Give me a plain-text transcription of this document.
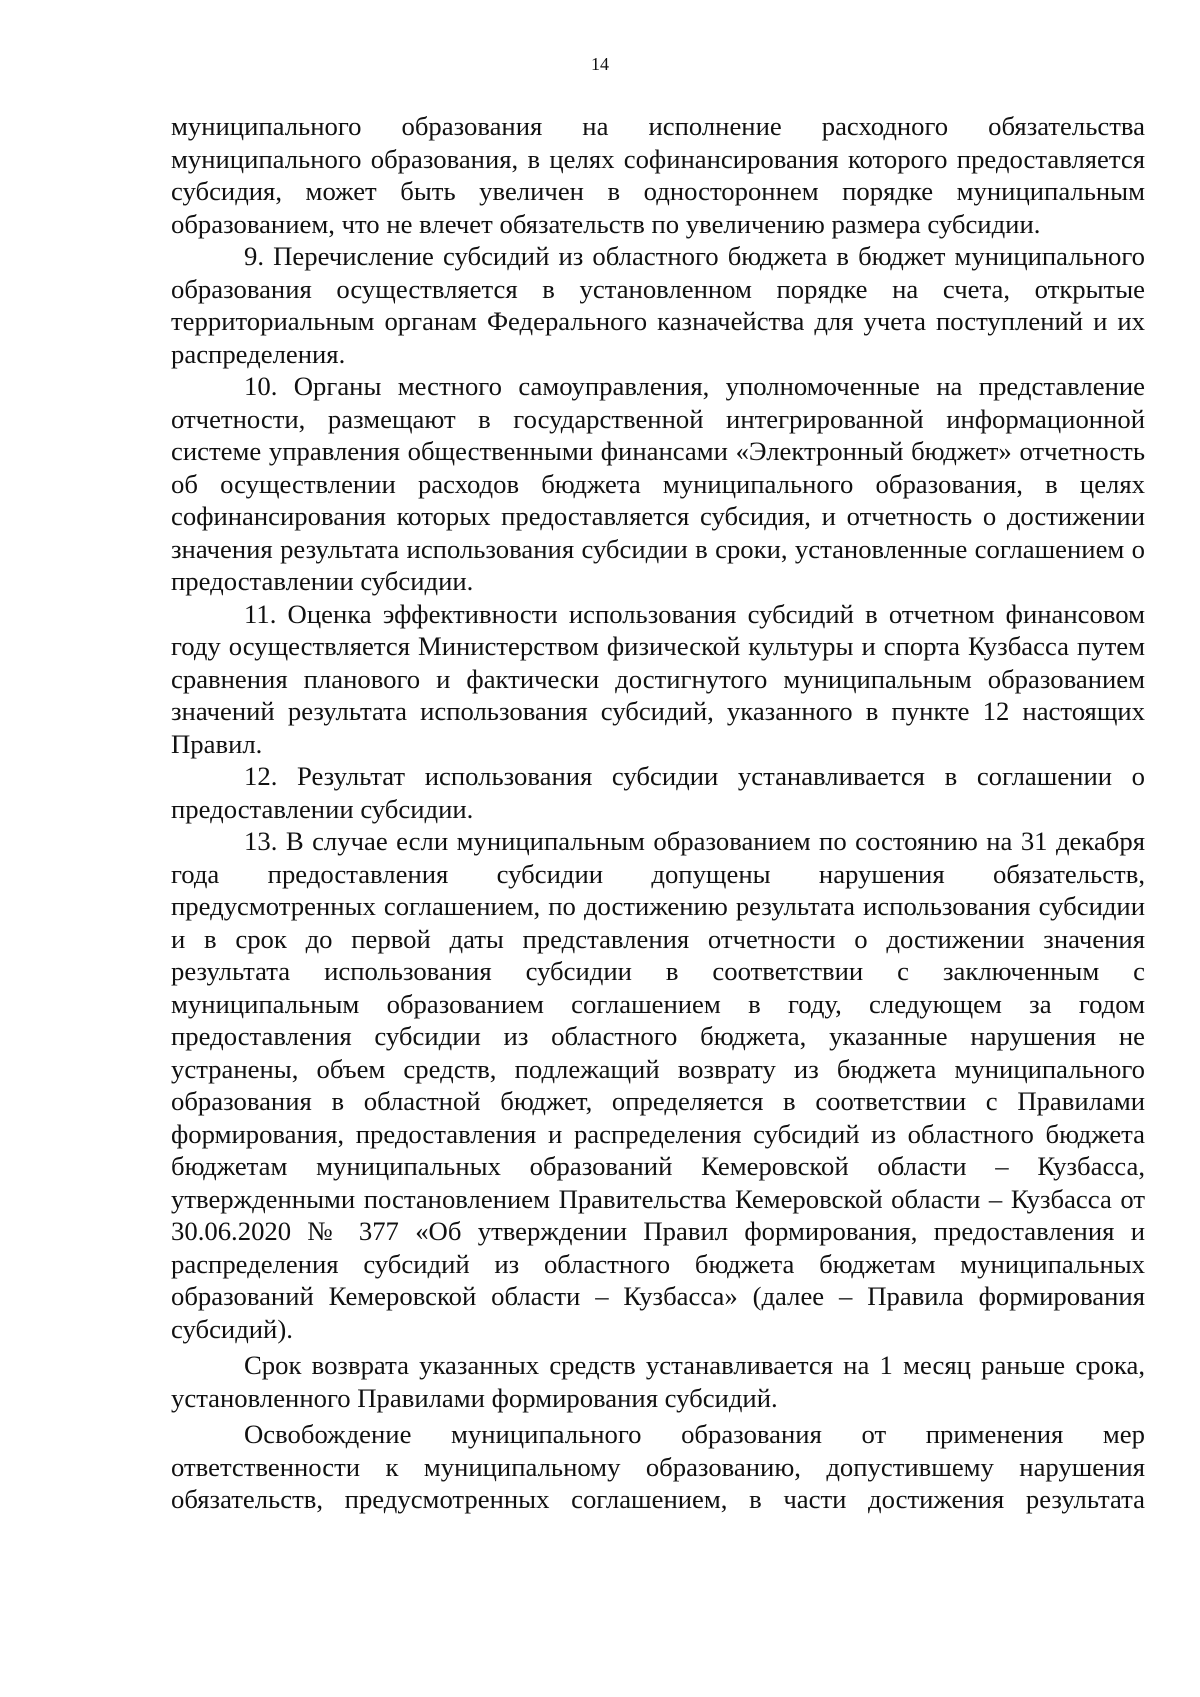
14

муниципального образования на исполнение расходного обязательства муниципального образования, в целях софинансирования которого предоставляется субсидия, может быть увеличен в одностороннем порядке муниципальным образованием, что не влечет обязательств по увеличению размера субсидии.

9. Перечисление субсидий из областного бюджета в бюджет муниципального образования осуществляется в установленном порядке на счета, открытые территориальным органам Федерального казначейства для учета поступлений и их распределения.

10. Органы местного самоуправления, уполномоченные на представление отчетности, размещают в государственной интегрированной информационной системе управления общественными финансами «Электронный бюджет» отчетность об осуществлении расходов бюджета муниципального образования, в целях софинансирования которых предоставляется субсидия, и отчетность о достижении значения результата использования субсидии в сроки, установленные соглашением о предоставлении субсидии.

11. Оценка эффективности использования субсидий в отчетном финансовом году осуществляется Министерством физической культуры и спорта Кузбасса путем сравнения планового и фактически достигнутого муниципальным образованием значений результата использования субсидий, указанного в пункте 12 настоящих Правил.

12. Результат использования субсидии устанавливается в соглашении о предоставлении субсидии.

13. В случае если муниципальным образованием по состоянию на 31 декабря года предоставления субсидии допущены нарушения обязательств, предусмотренных соглашением, по достижению результата использования субсидии и в срок до первой даты представления отчетности о достижении значения результата использования субсидии в соответствии с заключенным с муниципальным образованием соглашением в году, следующем за годом предоставления субсидии из областного бюджета, указанные нарушения не устранены, объем средств, подлежащий возврату из бюджета муниципального образования в областной бюджет, определяется в соответствии с Правилами формирования, предоставления и распределения субсидий из областного бюджета бюджетам муниципальных образований Кемеровской области – Кузбасса, утвержденными постановлением Правительства Кемеровской области – Кузбасса от 30.06.2020 № 377 «Об утверждении Правил формирования, предоставления и распределения субсидий из областного бюджета бюджетам муниципальных образований Кемеровской области – Кузбасса» (далее – Правила формирования субсидий).

Срок возврата указанных средств устанавливается на 1 месяц раньше срока, установленного Правилами формирования субсидий.

Освобождение муниципального образования от применения мер ответственности к муниципальному образованию, допустившему нарушения обязательств, предусмотренных соглашением, в части достижения результата
